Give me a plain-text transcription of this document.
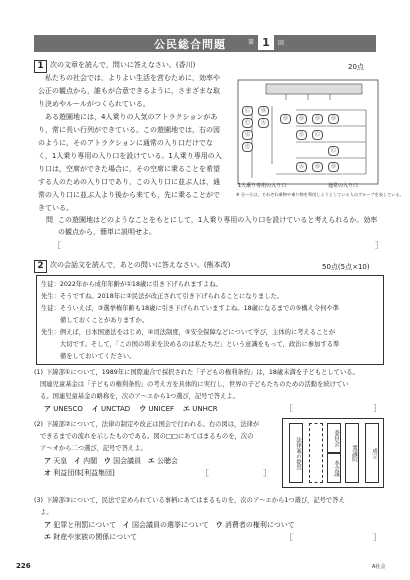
公民総合問題	第 1	回
1 次の文章を読んで，問いに答えなさい。(香川)	20点
私たちの社会では，よりよい生活を営むために，効率や
公正の観点から，誰もが合意できるように，さまざまな取
り決めやルールがつくられている。
ある遊園地には，4人乗りの人気のアトラクションがあ
り，常に長い行列ができている。この遊園地では，右の図
のように，そのアトラクションに通常の入り口だけでな
く，1人乗り専用の入り口を設けている。1人乗り専用の入
り口は，空席ができた場合に，その空席に乗ることを希望
する人のための入り口であり，この入り口に並ぶ人は，通
常の入り口に並ぶ人より後から来ても，先に乗ることがで
きている。
Ⓒ
Ⓒ
Ⓔ
Ⓔ
Ⓑ
Ⓐ
Ⓓ	Ⓓ	Ⓓ	Ⓓ
Ⓔ	Ⓒ
Ⓒ
Ⓐ	Ⓑ	Ⓓ
1人乗り専用の入り口	通常の入り口
※ Ⓐ～Ⓔは，それぞれ乗物や乗り物を利用しようとしている人のグループを表している。
問 この遊園地はどのようなことをもとにして，1人乗り専用の入り口を設けていると考えられるか。効率
の観点から，簡単に説明せよ。
［	］
2 次の会話文を読んで，あとの問いに答えなさい。(熊本改)	50点(5点×10)
生徒：2022年から成年年齢が①18歳に引き下げられますよね。
先生：そうですね。2018年に②民法が改正されて引き下げられることになりました。
生徒：そういえば，③選挙権年齢も18歳に引き下げられていますよね。18歳になるまでの⑤構え令何や準
　　　備しておくことがありますか。
先生：例えば，日本国憲法をはじめ，④司法制度，⑤安全保障などについて学び，主体的に考えることが
　　　大切です。そして，「この国の将来を決めるのは私たちだ」という意識をもって，政治に参加する準
　　　備をしておいてください。
(1) 下線部①について，1989年に国際連合で採択された「子どもの権利条約」は，18歳未満を子どもとしている。
国連児童基金は「子どもの権利条約」の考え方を具体的に実行し，世界の子どもたちのための活動を続けてい
る。国連児童基金の略称を，次のア～エから1つ選び，記号で答えよ。
ア UNESCO イ UNCTAD ウ UNICEF エ UNHCR	［	］
(2) 下線部②について，法律の制定や改正は国会で行われる。右の図は，法律が
できるまでの流れを示したものである。図の□□にあてはまるものを，次の
ア～オから二つ選び，記号で答えよ。
ア 天皇 イ 内閣 ウ 国会議員 エ 公聴会
オ 利益団体[利益集団]	［	］
法律案の提出	委員会
本会議
衆議院	成立
(3) 下線部③について，民法で定められている事柄にあてはまるものを，次のア～エから1つ選び，記号で答え
よ。
ア 犯罪と刑罰について イ 国会議員の選挙について ウ 消費者の権利について
エ 財産や家族の関係について	［	］
226	A社会
